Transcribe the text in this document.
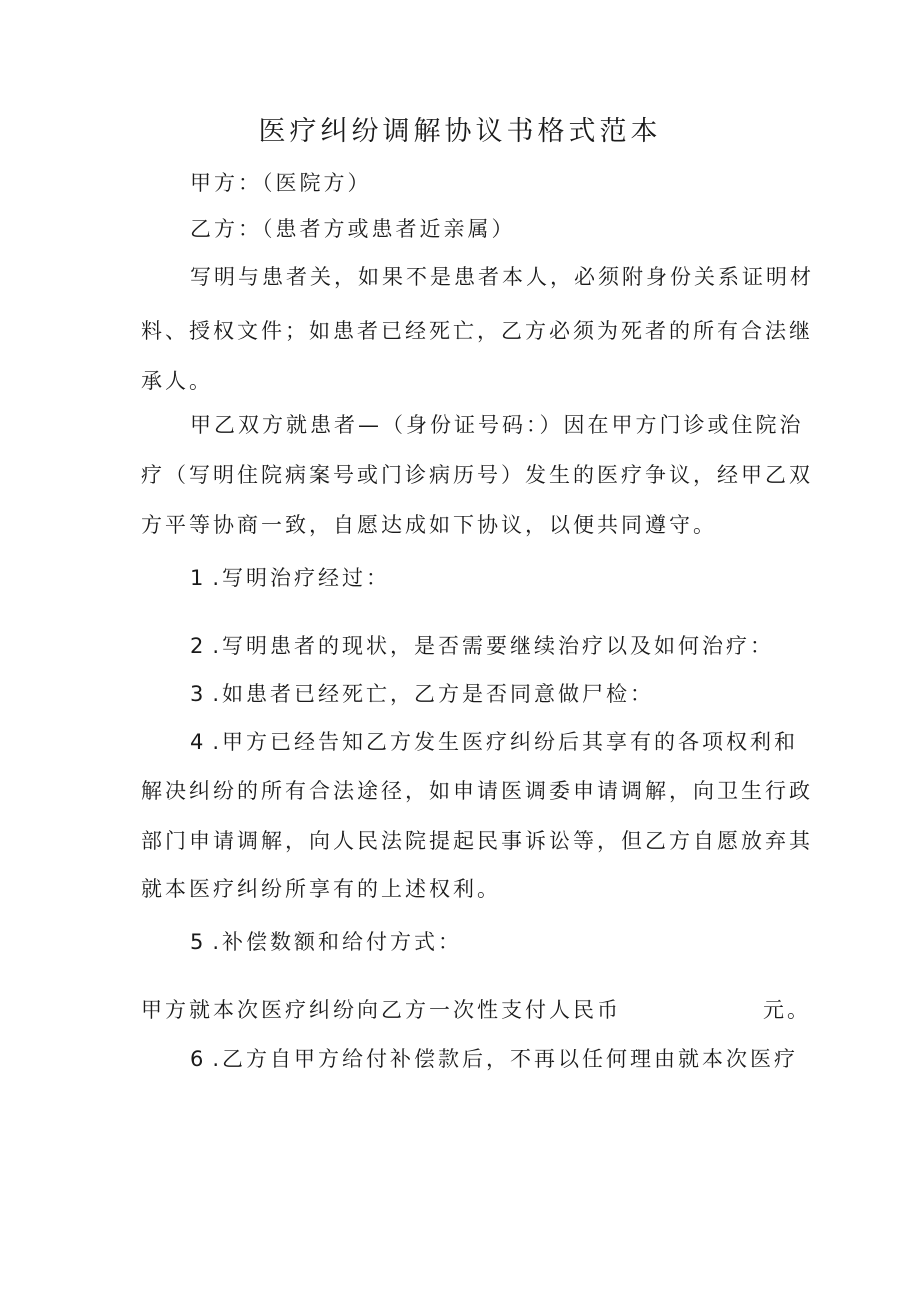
医疗纠纷调解协议书格式范本
甲方：（医院方）
乙方：（患者方或患者近亲属）
写明与患者关，如果不是患者本人，必须附身份关系证明材
料、授权文件；如患者已经死亡，乙方必须为死者的所有合法继
承人。
甲乙双方就患者—（身份证号码：）因在甲方门诊或住院治
疗（写明住院病案号或门诊病历号）发生的医疗争议，经甲乙双
方平等协商一致，自愿达成如下协议，以便共同遵守。
1 .写明治疗经过：
2 .写明患者的现状，是否需要继续治疗以及如何治疗：
3 .如患者已经死亡，乙方是否同意做尸检：
4 .甲方已经告知乙方发生医疗纠纷后其享有的各项权利和
解决纠纷的所有合法途径，如申请医调委申请调解，向卫生行政
部门申请调解，向人民法院提起民事诉讼等，但乙方自愿放弃其
就本医疗纠纷所享有的上述权利。
5 .补偿数额和给付方式：
甲方就本次医疗纠纷向乙方一次性支付人民币	元。
6 .乙方自甲方给付补偿款后，不再以任何理由就本次医疗
